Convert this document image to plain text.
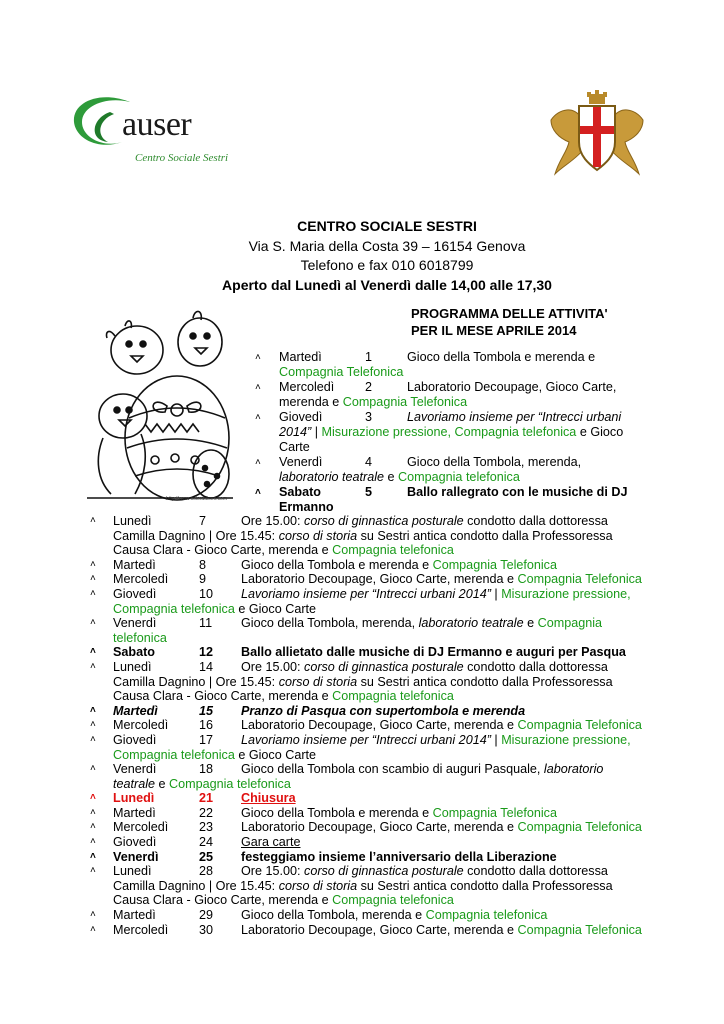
auser
Centro Sociale Sestri
CENTRO SOCIALE SESTRI
Via S. Maria della Costa 39 – 16154 Genova
Telefono e fax 010 6018799
Aperto dal Lunedì al Venerdì dalle 14,00 alle 17,30
http://www.coloradiseo.com
PROGRAMMA DELLE ATTIVITA'
PER IL MESE APRILE 2014
˄	Martedì	1	Gioco della Tombola e merenda e
Compagnia Telefonica
˄	Mercoledì 2	Laboratorio Decoupage, Gioco Carte,
merenda e Compagnia Telefonica
˄	Giovedì	3	Lavoriamo insieme per “Intrecci urbani
2014” | Misurazione pressione, Compagnia telefonica e Gioco
Carte
˄	Venerdì	4	Gioco della Tombola, merenda,
laboratorio teatrale e Compagnia telefonica
˄	Sabato	5	Ballo rallegrato con le musiche di DJ
Ermanno
˄	Lunedì	7	Ore 15.00: corso di ginnastica posturale condotto dalla dottoressa
Camilla Dagnino | Ore 15.45: corso di storia su Sestri antica condotto dalla Professoressa
Causa Clara - Gioco Carte, merenda e Compagnia telefonica
˄	Martedì	8	Gioco della Tombola e merenda e Compagnia Telefonica
˄	Mercoledì 9	Laboratorio Decoupage, Gioco Carte, merenda e Compagnia Telefonica
˄	Giovedì	10 Lavoriamo insieme per “Intrecci urbani 2014” | Misurazione pressione,
Compagnia telefonica e Gioco Carte
˄	Venerdì	11 Gioco della Tombola, merenda, laboratorio teatrale e Compagnia
telefonica
˄	Sabato	12 Ballo allietato dalle musiche di DJ Ermanno e auguri per Pasqua
˄	Lunedì	14 Ore 15.00: corso di ginnastica posturale condotto dalla dottoressa
Camilla Dagnino | Ore 15.45: corso di storia su Sestri antica condotto dalla Professoressa
Causa Clara - Gioco Carte, merenda e Compagnia telefonica
˄	Martedì	15 Pranzo di Pasqua con supertombola e merenda
˄	Mercoledì 16 Laboratorio Decoupage, Gioco Carte, merenda e Compagnia Telefonica
˄	Giovedì	17 Lavoriamo insieme per “Intrecci urbani 2014” | Misurazione pressione,
Compagnia telefonica e Gioco Carte
˄	Venerdì	18 Gioco della Tombola con scambio di auguri Pasquale, laboratorio
teatrale e Compagnia telefonica
˄	Lunedì	21 Chiusura
˄	Martedì	22 Gioco della Tombola e merenda e Compagnia Telefonica
˄	Mercoledì 23 Laboratorio Decoupage, Gioco Carte, merenda e Compagnia Telefonica
˄	Giovedì	24 Gara carte
˄	Venerdì	25 festeggiamo insieme l’anniversario della Liberazione
˄	Lunedì	28 Ore 15.00: corso di ginnastica posturale condotto dalla dottoressa
Camilla Dagnino | Ore 15.45: corso di storia su Sestri antica condotto dalla Professoressa
Causa Clara - Gioco Carte, merenda e Compagnia telefonica
˄	Martedì	29 Gioco della Tombola, merenda e Compagnia telefonica
˄	Mercoledì 30 Laboratorio Decoupage, Gioco Carte, merenda e Compagnia Telefonica
